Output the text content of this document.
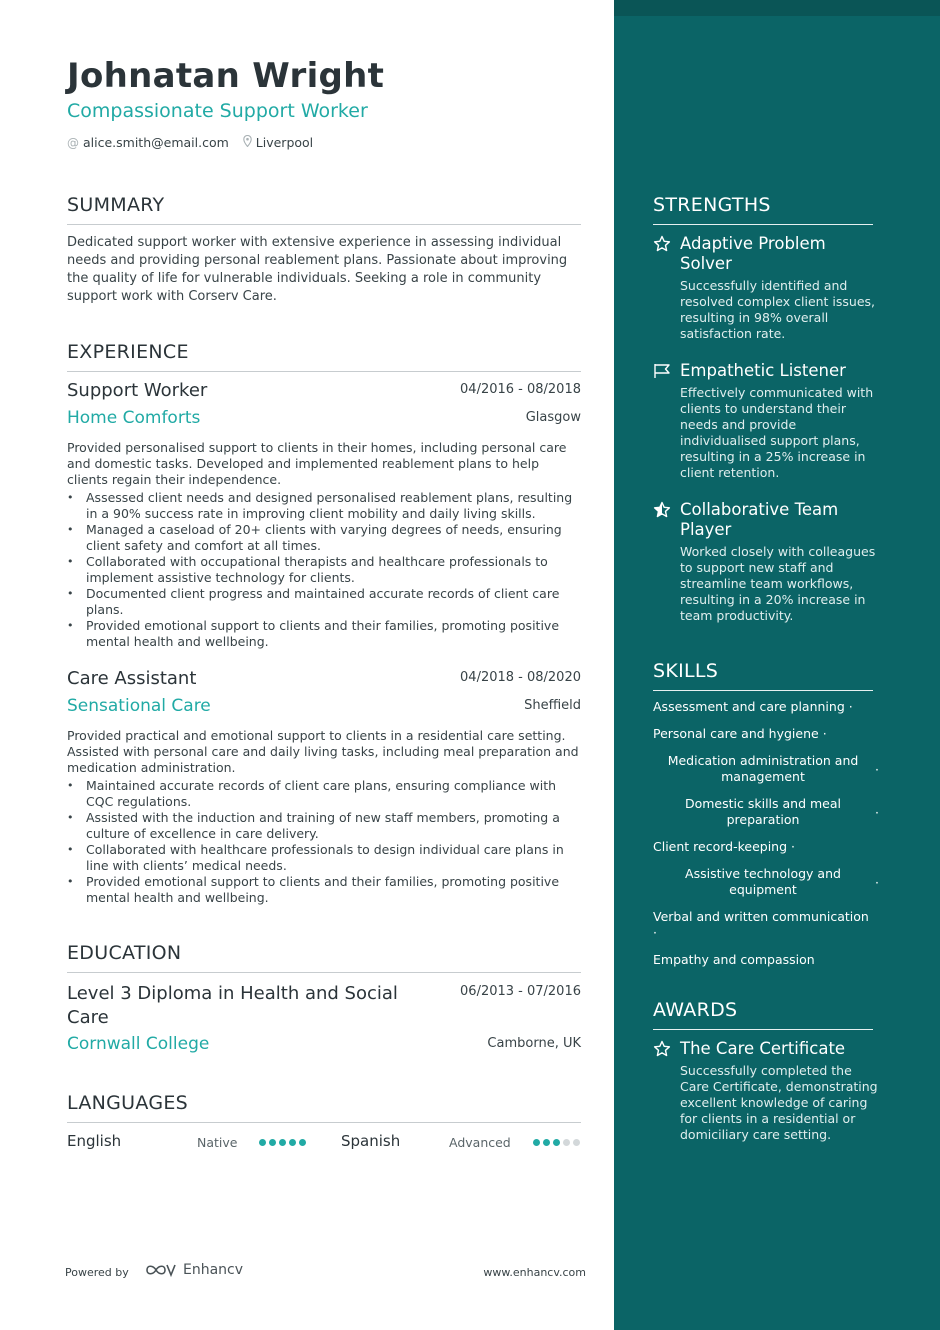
Johnatan Wright
Compassionate Support Worker
@ alice.smith@email.com Liverpool
SUMMARY
Dedicated support worker with extensive experience in assessing individual needs and providing personal reablement plans. Passionate about improving the quality of life for vulnerable individuals. Seeking a role in community support work with Corserv Care.
EXPERIENCE
Support Worker	04/2016 - 08/2018
Home Comforts	Glasgow
Provided personalised support to clients in their homes, including personal care and domestic tasks. Developed and implemented reablement plans to help clients regain their independence.
• Assessed client needs and designed personalised reablement plans, resulting in a 90% success rate in improving client mobility and daily living skills.
• Managed a caseload of 20+ clients with varying degrees of needs, ensuring client safety and comfort at all times.
• Collaborated with occupational therapists and healthcare professionals to implement assistive technology for clients.
• Documented client progress and maintained accurate records of client care plans.
• Provided emotional support to clients and their families, promoting positive mental health and wellbeing.
Care Assistant	04/2018 - 08/2020
Sensational Care	Sheffield
Provided practical and emotional support to clients in a residential care setting. Assisted with personal care and daily living tasks, including meal preparation and medication administration.
• Maintained accurate records of client care plans, ensuring compliance with CQC regulations.
• Assisted with the induction and training of new staff members, promoting a culture of excellence in care delivery.
• Collaborated with healthcare professionals to design individual care plans in line with clients’ medical needs.
• Provided emotional support to clients and their families, promoting positive mental health and wellbeing.
EDUCATION
Level 3 Diploma in Health and Social Care
06/2013 - 07/2016
Cornwall College	Camborne, UK
LANGUAGES
English	Native	Spanish	Advanced
Powered by	Enhancv	www.enhancv.com
STRENGTHS
Adaptive Problem Solver
Successfully identified and resolved complex client issues, resulting in 98% overall satisfaction rate.
Empathetic Listener
Effectively communicated with clients to understand their needs and provide individualised support plans, resulting in a 25% increase in client retention.
Collaborative Team Player
Worked closely with colleagues to support new staff and streamline team workflows, resulting in a 20% increase in team productivity.
SKILLS
Assessment and care planning ·
Personal care and hygiene ·
Medication administration and management	·
Domestic skills and meal preparation	·
Client record-keeping ·
Assistive technology and equipment	·
Verbal and written communication ·
Empathy and compassion
AWARDS
The Care Certificate
Successfully completed the Care Certificate, demonstrating excellent knowledge of caring for clients in a residential or domiciliary care setting.
